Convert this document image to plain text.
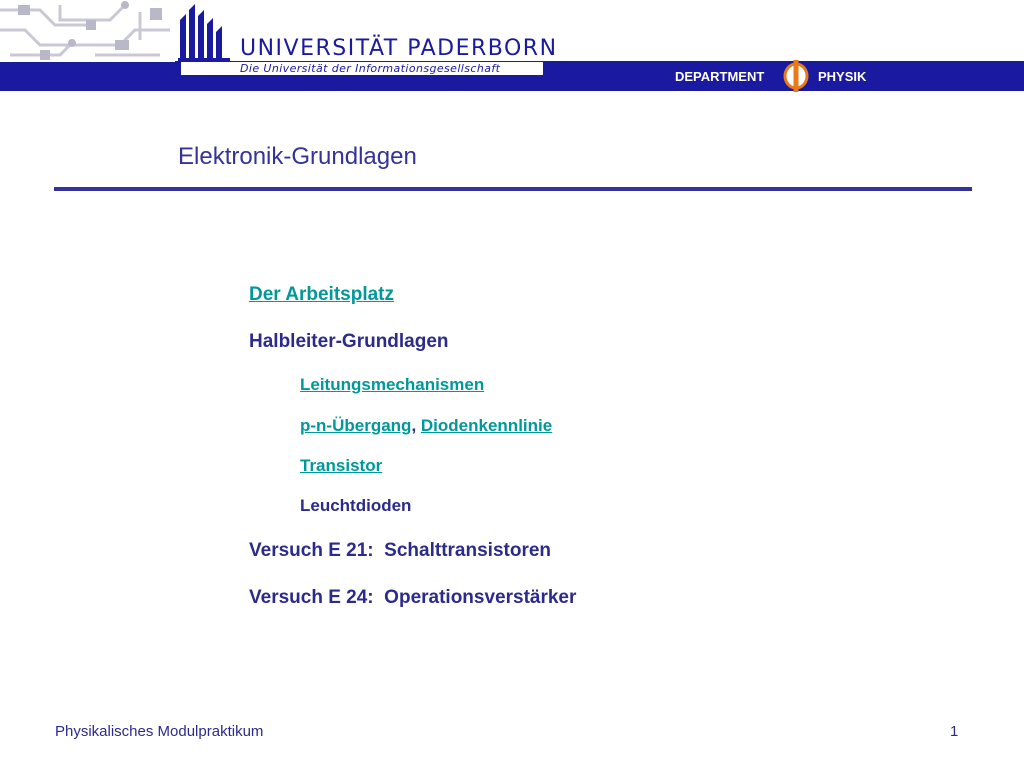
UNIVERSITÄT PADERBORN
Die Universität der Informationsgesellschaft
DEPARTMENT	PHYSIK
Elektronik-Grundlagen
Der Arbeitsplatz
Halbleiter-Grundlagen
Leitungsmechanismen
p-n-Übergang, Diodenkennlinie
Transistor
Leuchtdioden
Versuch E 21:  Schalttransistoren
Versuch E 24:  Operationsverstärker
Physikalisches Modulpraktikum	1
